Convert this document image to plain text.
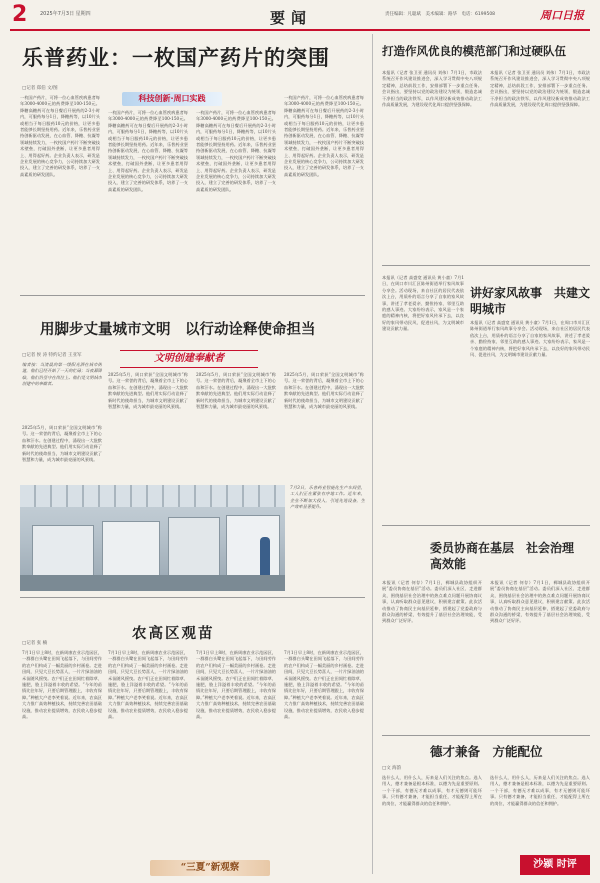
2	2025年7月3日 星期四	要闻	责任编辑：凡聪斌　美术编辑：路华　电话：6199508	周口日报
乐普药业：一枚国产药片的突围
□记者 郑伯 文/图
科技创新·周口实践
一枚国产药片，可将一位心血管疾病患者每年3000-4000元的药费降至100-150元。降糖高糖药可在每日餐后开展药的2-3小时内，可服药每分1日，降糖药等，以10片头或相当于每日服药10元的价格，让更多患者能够长期坚持用药。近年来，乐普药业坚持创新驱动发展，在心血管、降糖、抗凝等领域持续发力，一枚枚国产药片不断突破技术壁垒，打破国外垄断，让更多患者用得上、用得起好药。企业负责人表示，研发是企业发展的核心竞争力，公司持续加大研发投入，建立了完善的研发体系，培养了一支高素质的研发团队。
一枚国产药片，可将一位心血管疾病患者每年3000-4000元的药费降至100-150元。降糖高糖药可在每日餐后开展药的2-3小时内，可服药每分1日，降糖药等，以10片头或相当于每日服药10元的价格，让更多患者能够长期坚持用药。近年来，乐普药业坚持创新驱动发展，在心血管、降糖、抗凝等领域持续发力，一枚枚国产药片不断突破技术壁垒，打破国外垄断，让更多患者用得上、用得起好药。企业负责人表示，研发是企业发展的核心竞争力，公司持续加大研发投入，建立了完善的研发体系，培养了一支高素质的研发团队。
一枚国产药片，可将一位心血管疾病患者每年3000-4000元的药费降至100-150元。降糖高糖药可在每日餐后开展药的2-3小时内，可服药每分1日，降糖药等，以10片头或相当于每日服药10元的价格，让更多患者能够长期坚持用药。近年来，乐普药业坚持创新驱动发展，在心血管、降糖、抗凝等领域持续发力，一枚枚国产药片不断突破技术壁垒，打破国外垄断，让更多患者用得上、用得起好药。企业负责人表示，研发是企业发展的核心竞争力，公司持续加大研发投入，建立了完善的研发体系，培养了一支高素质的研发团队。
一枚国产药片，可将一位心血管疾病患者每年3000-4000元的药费降至100-150元。降糖高糖药可在每日餐后开展药的2-3小时内，可服药每分1日，降糖药等，以10片头或相当于每日服药10元的价格，让更多患者能够长期坚持用药。近年来，乐普药业坚持创新驱动发展，在心血管、降糖、抗凝等领域持续发力，一枚枚国产药片不断突破技术壁垒，打破国外垄断，让更多患者用得上、用得起好药。企业负责人表示，研发是企业发展的核心竞争力，公司持续加大研发投入，建立了完善的研发体系，培养了一支高素质的研发团队。
打造作风优良的模范部门和过硬队伍
本报讯（记者 张卫亚 通讯员 刘伟）7月1日，市政法系统召开作风建设推进会，深入学习贯彻中央八项规定精神，总结前段工作，安排部署下一步重点任务。会议指出，要坚持以党的政治建设为统领，锻造忠诚干净担当的政法铁军，以作风建设新成效推动政法工作高质量发展，为建设现代化周口提供坚强保障。
本报讯（记者 张卫亚 通讯员 刘伟）7月1日，市政法系统召开作风建设推进会，深入学习贯彻中央八项规定精神，总结前段工作，安排部署下一步重点任务。会议指出，要坚持以党的政治建设为统领，锻造忠诚干净担当的政法铁军，以作风建设新成效推动政法工作高质量发展，为建设现代化周口提供坚强保障。
用脚步丈量城市文明　以行动诠释使命担当
文明创建奉献者
□记者 侯 涛 特约记者 王亚军
编者按：当清晨的第一缕阳光洒在城市街道，他们已经开始了一天的忙碌；当夜幕降临，他们仍坚守在岗位上。他们是文明城市创建中的奉献者。
2025年5月，周口荣获“全国文明城市”称号。这一荣誉的背后，凝聚着全市上下的心血和汗水。在创建过程中，涌现出一大批默默奉献的先进典型。他们用实际行动诠释了新时代的使命担当，为城市文明建设贡献了智慧和力量，成为城市最亮丽的风景线。
2025年5月，周口荣获“全国文明城市”称号。这一荣誉的背后，凝聚着全市上下的心血和汗水。在创建过程中，涌现出一大批默默奉献的先进典型。他们用实际行动诠释了新时代的使命担当，为城市文明建设贡献了智慧和力量，成为城市最亮丽的风景线。
2025年5月，周口荣获“全国文明城市”称号。这一荣誉的背后，凝聚着全市上下的心血和汗水。在创建过程中，涌现出一大批默默奉献的先进典型。他们用实际行动诠释了新时代的使命担当，为城市文明建设贡献了智慧和力量，成为城市最亮丽的风景线。
2025年5月，周口荣获“全国文明城市”称号。这一荣誉的背后，凝聚着全市上下的心血和汗水。在创建过程中，涌现出一大批默默奉献的先进典型。他们用实际行动诠释了新时代的使命担当，为城市文明建设贡献了智慧和力量，成为城市最亮丽的风景线。
7月3日，乐普药业智能化生产车间里，工人们正在紧张有序地工作。近年来，企业不断加大投入，引进先进设备，生产效率显著提升。
讲好家风故事　共建文明城市
本报讯（记者 高盛宽 通讯员 黄小童）7月1日，在周口市川汇区陈州街道举行家风故事分享会。活动现场，来自社区的居民代表依次上台，用质朴的语言分享了自家的家风故事，讲述了孝老爱亲、勤俭持家、邻里互助的感人事迹。大家纷纷表示，家风是一个家庭的精神内核，将把好家风传承下去，以良好的家风带动民风、促进社风，为文明城市建设贡献力量。
本报讯（记者 高盛宽 通讯员 黄小童）7月1日，在周口市川汇区陈州街道举行家风故事分享会。活动现场，来自社区的居民代表依次上台，用质朴的语言分享了自家的家风故事，讲述了孝老爱亲、勤俭持家、邻里互助的感人事迹。大家纷纷表示，家风是一个家庭的精神内核，将把好家风传承下去，以良好的家风带动民风、促进社风，为文明城市建设贡献力量。
委员协商在基层　社会治理高效能
本报讯（记者 何存）7月1日，郸城县政协组织开展“委员协商在基层”活动。委员们深入社区、走进群众，围绕基层社会治理中的热点难点问题开展协商议事，认真听取群众意见建议，积极建言献策。此次活动推动了协商民主向基层延伸，搭建起了党委政府与群众沟通的桥梁，有效提升了基层社会治理效能，受到群众广泛好评。
本报讯（记者 何存）7月1日，郸城县政协组织开展“委员协商在基层”活动。委员们深入社区、走进群众，围绕基层社会治理中的热点难点问题开展协商议事，认真听取群众意见建议，积极建言献策。此次活动推动了协商民主向基层延伸，搭建起了党委政府与群众沟通的桥梁，有效提升了基层社会治理效能，受到群众广泛好评。
农高区观苗
□记者 张 楠
7月1日早上8时，在新周康农业示范园区，一群群白头鹭在田间飞起落下，与田间劳作的农户们构成了一幅美丽的乡村画卷。走进田间，只见大豆长势喜人，一片片绿油油的禾苗随风摇曳。农户们正在田间忙着除草、施肥，脸上洋溢着丰收的希望。“今年的苗情比往年好，只要后期管理跟上，丰收有保障。”种植大户老李笑着说。近年来，农高区大力推广高效种植技术，持续完善农田基础设施，推动农业提质增效，农民收入稳步提高。
7月1日早上8时，在新周康农业示范园区，一群群白头鹭在田间飞起落下，与田间劳作的农户们构成了一幅美丽的乡村画卷。走进田间，只见大豆长势喜人，一片片绿油油的禾苗随风摇曳。农户们正在田间忙着除草、施肥，脸上洋溢着丰收的希望。“今年的苗情比往年好，只要后期管理跟上，丰收有保障。”种植大户老李笑着说。近年来，农高区大力推广高效种植技术，持续完善农田基础设施，推动农业提质增效，农民收入稳步提高。
7月1日早上8时，在新周康农业示范园区，一群群白头鹭在田间飞起落下，与田间劳作的农户们构成了一幅美丽的乡村画卷。走进田间，只见大豆长势喜人，一片片绿油油的禾苗随风摇曳。农户们正在田间忙着除草、施肥，脸上洋溢着丰收的希望。“今年的苗情比往年好，只要后期管理跟上，丰收有保障。”种植大户老李笑着说。近年来，农高区大力推广高效种植技术，持续完善农田基础设施，推动农业提质增效，农民收入稳步提高。
7月1日早上8时，在新周康农业示范园区，一群群白头鹭在田间飞起落下，与田间劳作的农户们构成了一幅美丽的乡村画卷。走进田间，只见大豆长势喜人，一片片绿油油的禾苗随风摇曳。农户们正在田间忙着除草、施肥，脸上洋溢着丰收的希望。“今年的苗情比往年好，只要后期管理跟上，丰收有保障。”种植大户老李笑着说。近年来，农高区大力推广高效种植技术，持续完善农田基础设施，推动农业提质增效，农民收入稳步提高。
“三夏”新观察
德才兼备　方能配位
□文 海韵
选什么人，用什么人，历来是人们关注的焦点。选人用人，德才兼备是根本标准，以德为先是重要原则。一个干部，有德无才难以成事，有才无德则可能坏事。只有德才兼备，才能担当重任，才能配得上所在的岗位，才能赢得群众的信任和拥护。
选什么人，用什么人，历来是人们关注的焦点。选人用人，德才兼备是根本标准，以德为先是重要原则。一个干部，有德无才难以成事，有才无德则可能坏事。只有德才兼备，才能担当重任，才能配得上所在的岗位，才能赢得群众的信任和拥护。
沙颍 时评
